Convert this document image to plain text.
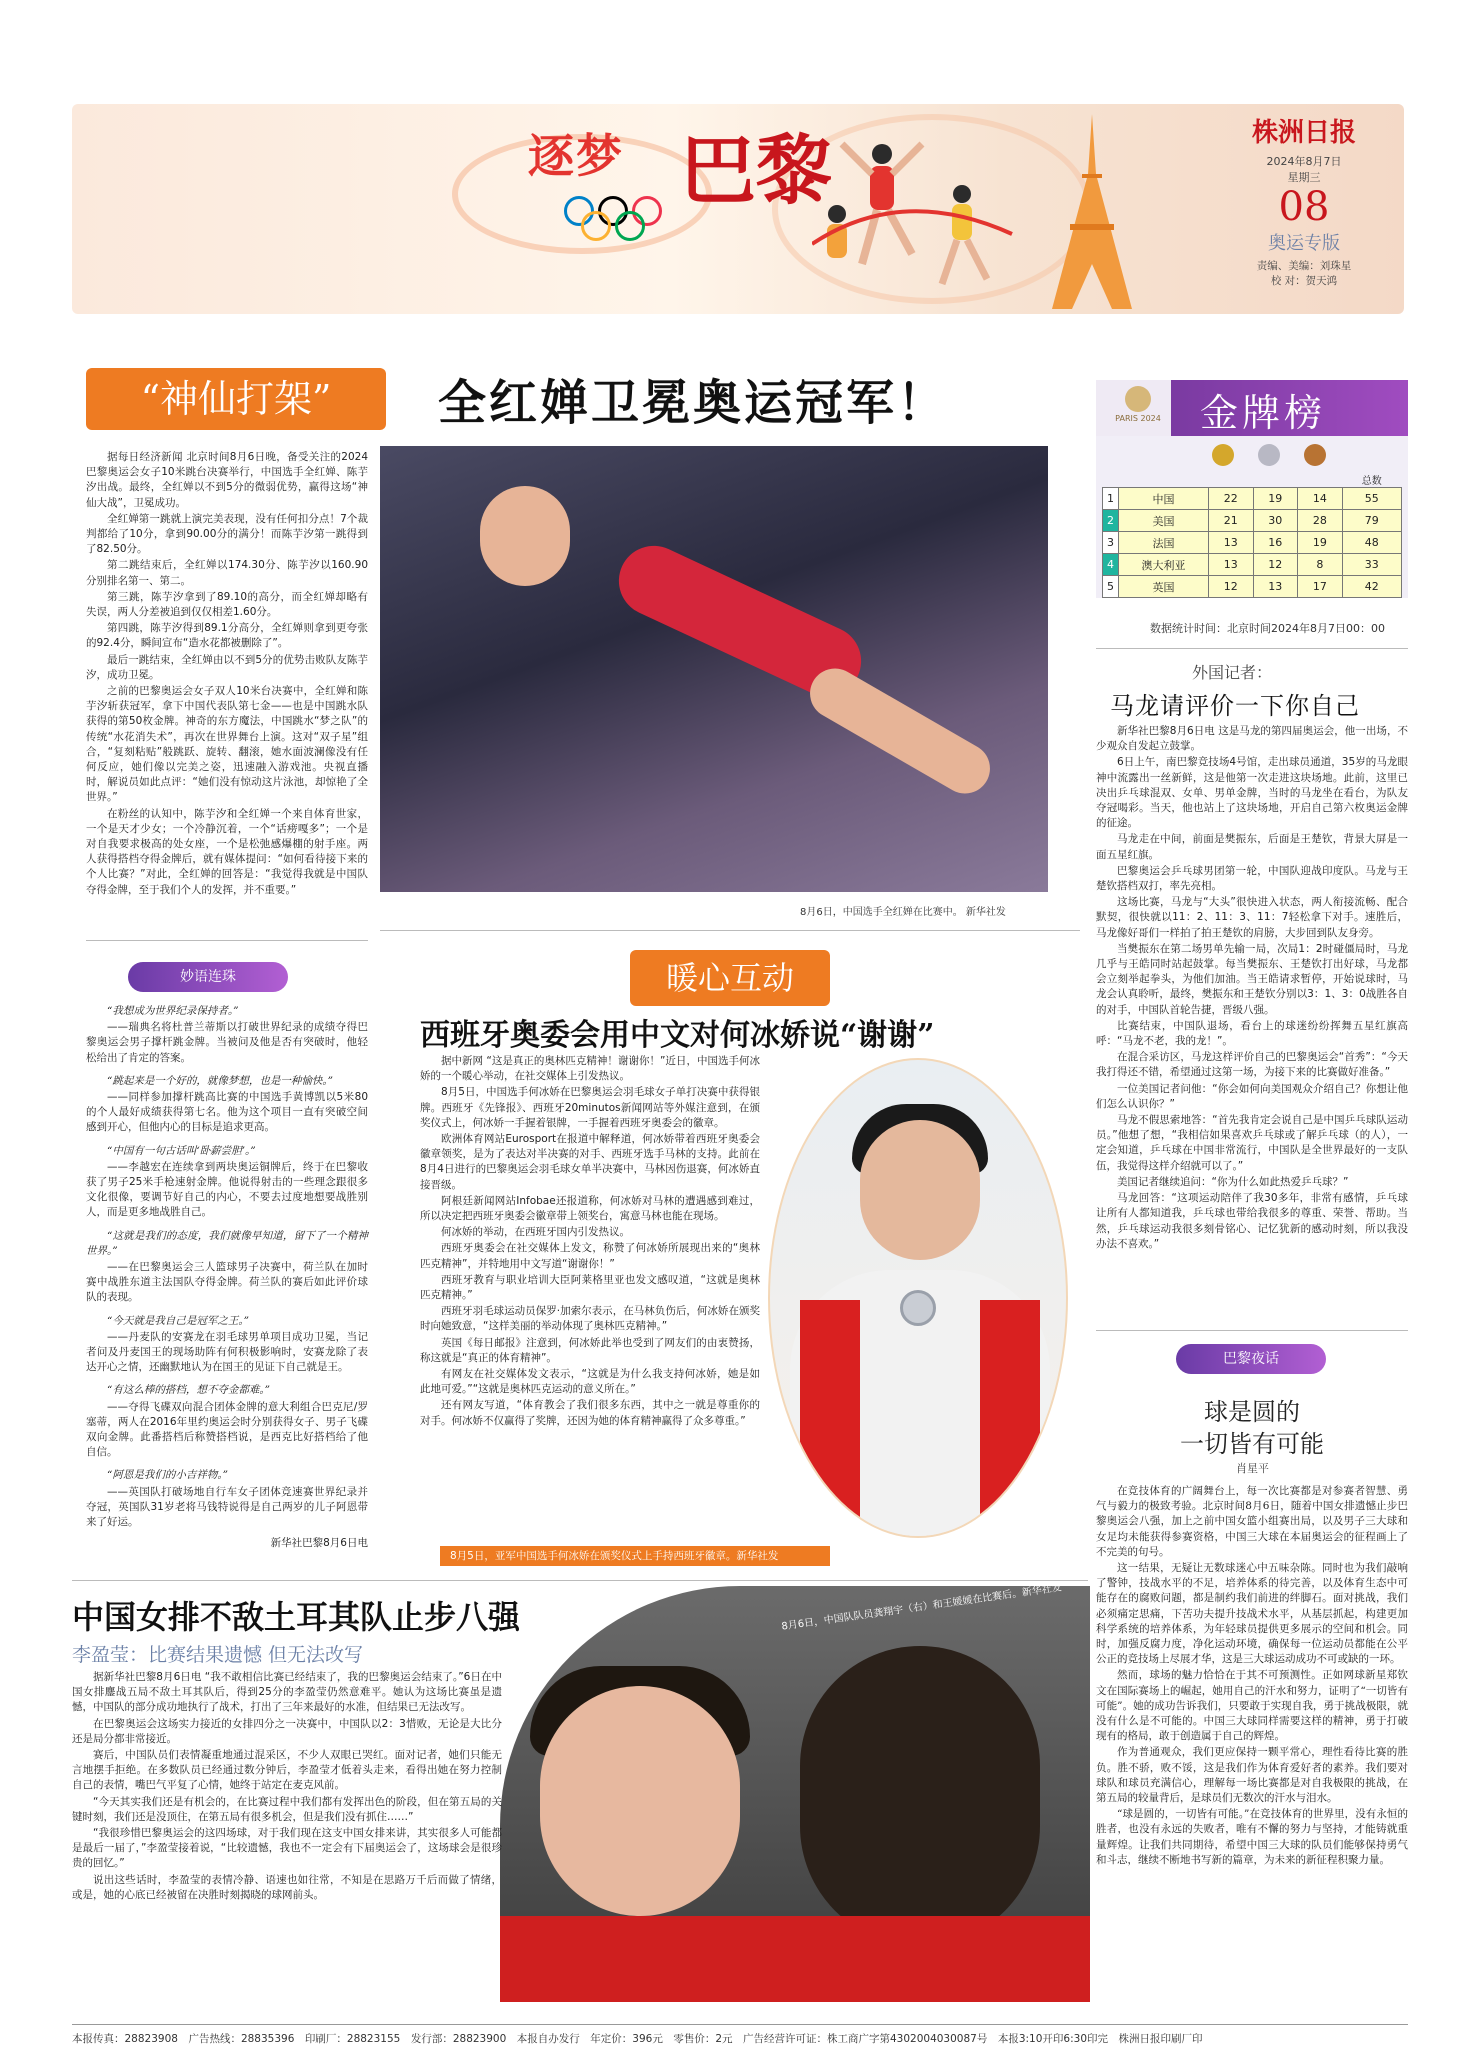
逐梦 巴黎	株洲日报
2024年8月7日
星期三
08
奥运专版
责编、美编：刘珠星
校 对：贺天鸿
“神仙打架”	全红婵卫冕奥运冠军！
8月6日，中国选手全红婵在比赛中。 新华社发

据每日经济新闻 北京时间8月6日晚，备受关注的2024巴黎奥运会女子10米跳台决赛举行，中国选手全红婵、陈芋汐出战。最终，全红婵以不到5分的微弱优势，赢得这场“神仙大战”，卫冕成功。

全红婵第一跳就上演完美表现，没有任何扣分点！7个裁判都给了10分，拿到90.00分的满分！而陈芋汐第一跳得到了82.50分。

第二跳结束后，全红婵以174.30分、陈芋汐以160.90分别排名第一、第二。

第三跳，陈芋汐拿到了89.10的高分，而全红婵却略有失误，两人分差被追到仅仅相差1.60分。

第四跳，陈芋汐得到89.1分高分，全红婵则拿到更夸张的92.4分，瞬间宣布“造水花都被删除了”。

最后一跳结束，全红婵由以不到5分的优势击败队友陈芋汐，成功卫冕。

之前的巴黎奥运会女子双人10米台决赛中，全红婵和陈芋汐斩获冠军，拿下中国代表队第七金——也是中国跳水队获得的第50枚金牌。神奇的东方魔法，中国跳水“梦之队”的传统“水花消失术”，再次在世界舞台上演。这对“双子星”组合，“复刻粘贴”般跳跃、旋转、翻滚，她水面波澜像没有任何反应，她们像以完美之姿，迅速融入游戏池。央视直播时，解说员如此点评：“她们没有惊动这片泳池，却惊艳了全世界。”

在粉丝的认知中，陈芋汐和全红婵一个来自体育世家，一个是天才少女；一个冷静沉着，一个“话痨嘎多”；一个是对自我要求极高的处女座，一个是松弛感爆棚的射手座。两人获得搭档夺得金牌后，就有媒体提问：“如何看待接下来的个人比赛？”对此，全红婵的回答是：“我觉得我就是中国队夺得金牌，至于我们个人的发挥，并不重要。”

PARIS 2024 金牌榜
					总数
1	中国	22	19	14	55
2	美国	21	30	28	79
3	法国	13	16	19	48
4	澳大利亚	13	12	8	33
5	英国	12	13	17	42
数据统计时间：北京时间2024年8月7日00：00
外国记者：
马龙请评价一下你自己

新华社巴黎8月6日电 这是马龙的第四届奥运会，他一出场，不少观众自发起立鼓掌。

6日上午，南巴黎竞技场4号馆，走出球员通道，35岁的马龙眼神中流露出一丝新鲜，这是他第一次走进这块场地。此前，这里已决出乒乓球混双、女单、男单金牌，当时的马龙坐在看台，为队友夺冠喝彩。当天，他也站上了这块场地，开启自己第六枚奥运金牌的征途。

马龙走在中间，前面是樊振东，后面是王楚钦，背景大屏是一面五星红旗。

巴黎奥运会乒乓球男团第一轮，中国队迎战印度队。马龙与王楚钦搭档双打，率先亮相。

这场比赛，马龙与“大头”很快进入状态，两人衔接流畅、配合默契，很快就以11：2、11：3、11：7轻松拿下对手。速胜后，马龙像好哥们一样拍了拍王楚钦的肩膀，大步回到队友身旁。

当樊振东在第二场男单先输一局，次局1：2时碰僵局时，马龙几乎与王皓同时站起鼓掌。每当樊振东、王楚钦打出好球，马龙都会立刻举起拳头，为他们加油。当王皓请求暂停，开始说球时，马龙会认真聆听，最终，樊振东和王楚钦分别以3：1、3：0战胜各自的对手，中国队首轮告捷，晋级八强。

比赛结束，中国队退场，看台上的球迷纷纷挥舞五星红旗高呼：“马龙不老，我的龙！”。

在混合采访区，马龙这样评价自己的巴黎奥运会“首秀”：“今天我打得还不错，希望通过这第一场，为接下来的比赛做好准备。”

一位美国记者问他：“你会如何向美国观众介绍自己？你想让他们怎么认识你？”

马龙不假思索地答：“首先我肯定会说自己是中国乒乓球队运动员。”他想了想，“我相信如果喜欢乒乓球或了解乒乓球（的人），一定会知道，乒乓球在中国非常流行，中国队是全世界最好的一支队伍，我觉得这样介绍就可以了。”

美国记者继续追问：“你为什么如此热爱乒乓球？”

马龙回答：“这项运动陪伴了我30多年，非常有感情，乒乓球让所有人都知道我，乒乓球也带给我很多的尊重、荣誉、帮助。当然，乒乓球运动我很多刻骨铭心、记忆犹新的感动时刻，所以我没办法不喜欢。”

暖心互动
西班牙奥委会用中文对何冰娇说“谢谢”

据中新网 “这是真正的奥林匹克精神！谢谢你！”近日，中国选手何冰娇的一个暖心举动，在社交媒体上引发热议。

8月5日，中国选手何冰娇在巴黎奥运会羽毛球女子单打决赛中获得银牌。西班牙《先锋报》、西班牙20minutos新闻网站等外媒注意到，在颁奖仪式上，何冰娇一手握着银牌，一手握着西班牙奥委会的徽章。

欧洲体育网站Eurosport在报道中解释道，何冰娇带着西班牙奥委会徽章领奖，是为了表达对半决赛的对手、西班牙选手马林的支持。此前在8月4日进行的巴黎奥运会羽毛球女单半决赛中，马林因伤退赛，何冰娇直接晋级。

阿根廷新闻网站Infobae还报道称，何冰娇对马林的遭遇感到难过，所以决定把西班牙奥委会徽章带上领奖台，寓意马林也能在现场。

何冰娇的举动，在西班牙国内引发热议。

西班牙奥委会在社交媒体上发文，称赞了何冰娇所展现出来的“奥林匹克精神”，并特地用中文写道“谢谢你！”

西班牙教育与职业培训大臣阿莱格里亚也发文感叹道，“这就是奥林匹克精神。”

西班牙羽毛球运动员保罗·加索尔表示，在马林负伤后，何冰娇在颁奖时向她致意，“这样美丽的举动体现了奥林匹克精神。”

英国《每日邮报》注意到，何冰娇此举也受到了网友们的由衷赞扬，称这就是“真正的体育精神”。

有网友在社交媒体发文表示，“这就是为什么我支持何冰娇，她是如此地可爱。”“这就是奥林匹克运动的意义所在。”

还有网友写道，“体育教会了我们很多东西，其中之一就是尊重你的对手。何冰娇不仅赢得了奖牌，还因为她的体育精神赢得了众多尊重。”

8月5日，亚军中国选手何冰娇在颁奖仪式上手持西班牙徽章。新华社发
妙语连珠

“我想成为世界纪录保持者。”

——瑞典名将杜普兰蒂斯以打破世界纪录的成绩夺得巴黎奥运会男子撑杆跳金牌。当被问及他是否有突破时，他轻松给出了肯定的答案。

“跳起来是一个好的，就像梦想，也是一种愉快。”

——同样参加撑杆跳高比赛的中国选手黄博凯以5米80的个人最好成绩获得第七名。他为这个项目一直有突破空间感到开心，但他内心的目标是追求更高。

“中国有一句古话叫‘卧薪尝胆’。”

——李越宏在连续拿到两块奥运铜牌后，终于在巴黎收获了男子25米手枪速射金牌。他说得射击的一些理念跟很多文化很像，要调节好自己的内心，不要去过度地想要战胜别人，而是更多地战胜自己。

“这就是我们的态度，我们就像早知道，留下了一个精神世界。”

——在巴黎奥运会三人篮球男子决赛中，荷兰队在加时赛中战胜东道主法国队夺得金牌。荷兰队的赛后如此评价球队的表现。

“今天就是我自己是冠军之王。”

——丹麦队的安赛龙在羽毛球男单项目成功卫冕，当记者问及丹麦国王的现场助阵有何积极影响时，安赛龙除了表达开心之情，还幽默地认为在国王的见证下自己就是王。

“有这么棒的搭档，想不夺金都难。”

——夺得飞碟双向混合团体金牌的意大利组合巴克尼/罗塞蒂，两人在2016年里约奥运会时分别获得女子、男子飞碟双向金牌。此番搭档后称赞搭档说，是西克比好搭档给了他自信。

“阿恩是我们的小吉祥物。”

——英国队打破场地自行车女子团体竞速赛世界纪录并夺冠，英国队31岁老将马钱特说得是自己两岁的儿子阿恩带来了好运。

新华社巴黎8月6日电

巴黎夜话
球是圆的
一切皆有可能
肖星平

在竞技体育的广阔舞台上，每一次比赛都是对参赛者智慧、勇气与毅力的极致考验。北京时间8月6日，随着中国女排遗憾止步巴黎奥运会八强，加上之前中国女篮小组赛出局，以及男子三大球和女足均未能获得参赛资格，中国三大球在本届奥运会的征程画上了不完美的句号。

这一结果，无疑让无数球迷心中五味杂陈。同时也为我们敲响了警钟，技战水平的不足，培养体系的待完善，以及体育生态中可能存在的腐败问题，都是制约我们前进的绊脚石。面对挑战，我们必须痛定思痛，下苦功夫提升技战术水平，从基层抓起，构建更加科学系统的培养体系，为年轻球员提供更多展示的空间和机会。同时，加强反腐力度，净化运动环境，确保每一位运动员都能在公平公正的竞技场上尽展才华，这是三大球运动成功不可或缺的一环。

然而，球场的魅力恰恰在于其不可预测性。正如网球新星郑钦文在国际赛场上的崛起，她用自己的汗水和努力，证明了“一切皆有可能”。她的成功告诉我们，只要敢于实现自我，勇于挑战极限，就没有什么是不可能的。中国三大球同样需要这样的精神，勇于打破现有的格局，敢于创造属于自己的辉煌。

作为普通观众，我们更应保持一颗平常心，理性看待比赛的胜负。胜不骄，败不馁，这是我们作为体育爱好者的素养。我们要对球队和球员充满信心，理解每一场比赛都是对自我极限的挑战，在第五局的较量背后，是球员们无数次的汗水与泪水。

“球是圆的，一切皆有可能。”在竞技体育的世界里，没有永恒的胜者，也没有永远的失败者，唯有不懈的努力与坚持，才能铸就重量辉煌。让我们共同期待，希望中国三大球的队员们能够保持勇气和斗志，继续不断地书写新的篇章，为未来的新征程积聚力量。

中国女排不敌土耳其队止步八强
李盈莹：比赛结果遗憾 但无法改写
8月6日，中国队队员龚翔宇（右）和王媛媛在比赛后。新华社发

据新华社巴黎8月6日电 “我不敢相信比赛已经结束了，我的巴黎奥运会结束了。”6日在中国女排鏖战五局不敌土耳其队后，得到25分的李盈莹仍然意难平。她认为这场比赛虽是遗憾，中国队的部分成功地执行了战术，打出了三年来最好的水准，但结果已无法改写。

在巴黎奥运会这场实力接近的女排四分之一决赛中，中国队以2：3惜败，无论是大比分还是局分都非常接近。

赛后，中国队员们表情凝重地通过混采区，不少人双眼已哭红。面对记者，她们只能无言地摆手拒绝。在多数队员已经通过数分钟后，李盈莹才低着头走来，看得出她在努力控制自己的表情，嘴巴气平复了心情，她终于站定在麦克风前。

“今天其实我们还是有机会的，在比赛过程中我们都有发挥出色的阶段，但在第五局的关键时刻，我们还是没顶住，在第五局有很多机会，但是我们没有抓住……”

“我很珍惜巴黎奥运会的这四场球，对于我们现在这支中国女排来讲，其实很多人可能都是最后一届了，”李盈莹接着说，“比较遗憾，我也不一定会有下届奥运会了，这场球会是很珍贵的回忆。”

说出这些话时，李盈莹的表情冷静、语速也如往常，不知是在思路万千后而做了情绪，或是，她的心底已经被留在决胜时刻揭晓的球网前头。

本报传真：28823908　广告热线：28835396　印刷厂：28823155　发行部：28823900　本报自办发行　年定价：396元　零售价：2元　广告经营许可证：株工商广字第4302004030087号　本报3:10开印6:30印完　株洲日报印刷厂印
